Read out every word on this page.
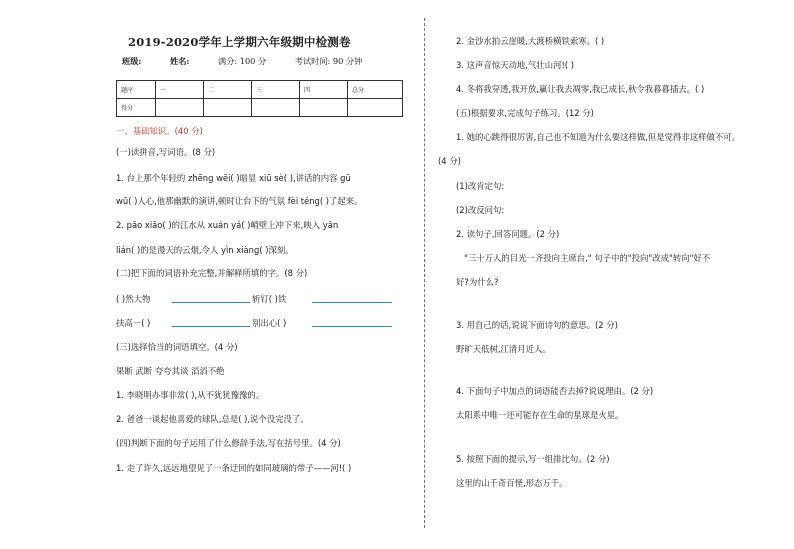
2019-2020学年上学期六年级期中检测卷
班级:	姓名:	满分: 100 分	考试时间: 90 分钟
题序	一	二	三	四	总分
得分					
一、基础知识。(40 分)
(一)读拼音,写词语。(8 分)
1. 台上那个年轻的 zhēng wēi( )暗显 xiū sè( ),讲话的内容 gū
wū( )人心,他那幽默的演讲,顿时让台下的气氛 fèi téng( )了起来。
2. pāo xiāo( )的江水从 xuán yá( )峭壁上冲下来,映入 yǎn
lián( )的是漫天的云烟,令人 yìn xiàng( )深刻。
(二)把下面的词语补充完整,并解释所填的字。(8 分)
( )然大物	斩钉( )铁
扶高一( )	别出心( )
(三)选择恰当的词语填空。(4 分)
果断 武断 夸夸其谈 滔滔不绝
1. 李晓明办事非常( ),从不犹犹豫豫的。
2. 爸爸一谈起他喜爱的球队,总是( ),说个没完没了。
(四)判断下面的句子运用了什么修辞手法,写在括号里。(4 分)
1. 走了许久,远远地望见了一条迂回的如同玻璃的带子——河!( )
2. 金沙水拍云崖暖,大渡桥横铁索寒。( )
3. 这声音惊天动地,气壮山河!( )
4. 冬将我穿透,我开放,赢让我去凋零,我已成长,秋令我暮暮插去。( )
(五)根据要求,完成句子练习。(12 分)
1. 她的心跳得很厉害,自己也不知道为什么要这样做,但是觉得非这样做不可。
(4 分)
(1)改肯定句:
(2)改反问句:
2. 读句子,回答问题。(2 分)
"三十万人的目光一齐投向主席台," 句子中的"投向"改成"转向"好不
好?为什么?
3. 用自己的话,说说下面诗句的意思。(2 分)
野旷天低树,江清月近人。
4. 下面句子中加点的词语能否去掉?说说理由。(2 分)
太阳系中唯一还可能存在生命的星球是火星。
5. 按照下面的提示,写一组排比句。(2 分)
这里的山千奇百怪,形态万千。
